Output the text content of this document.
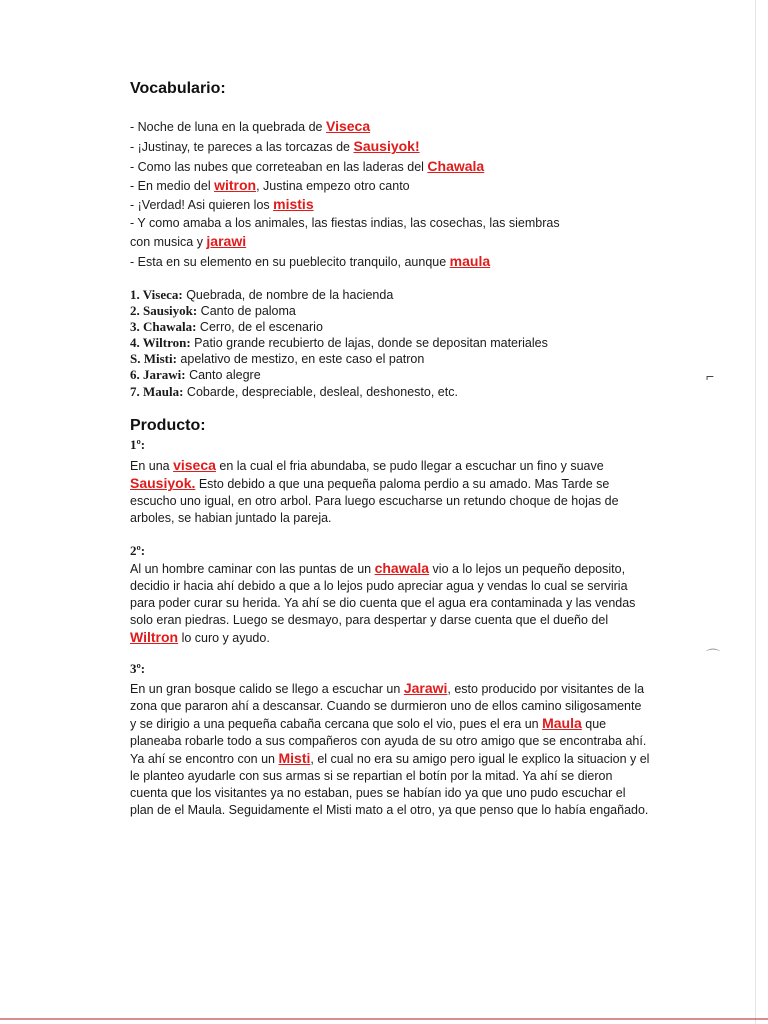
Vocabulario:
- Noche de luna en la quebrada de Viseca
- ¡Justinay, te pareces a las torcazas de Sausiyok!
- Como las nubes que correteaban en las laderas del Chawala
- En medio del witron, Justina empezo otro canto
- ¡Verdad! Asi quieren los mistis
- Y como amaba a los animales, las fiestas indias, las cosechas, las siembras
con musica y jarawi
- Esta en su elemento en su pueblecito tranquilo, aunque maula
1. Viseca: Quebrada, de nombre de la hacienda
2. Sausiyok: Canto de paloma
3. Chawala: Cerro, de el escenario
4. Wiltron: Patio grande recubierto de lajas, donde se depositan materiales
S. Misti: apelativo de mestizo, en este caso el patron
6. Jarawi: Canto alegre
7. Maula: Cobarde, despreciable, desleal, deshonesto, etc.
Producto:
1º:
En una viseca en la cual el fria abundaba, se pudo llegar a escuchar un fino y suave Sausiyok. Esto debido a que una pequeña paloma perdio a su amado. Mas Tarde se escucho uno igual, en otro arbol. Para luego escucharse un retundo choque de hojas de arboles, se habian juntado la pareja.
2º:
Al un hombre caminar con las puntas de un chawala vio a lo lejos un pequeño deposito, decidio ir hacia ahí debido a que a lo lejos pudo apreciar agua y vendas lo cual se serviria para poder curar su herida. Ya ahí se dio cuenta que el agua era contaminada y las vendas solo eran piedras. Luego se desmayo, para despertar y darse cuenta que el dueño del Wiltron lo curo y ayudo.
3º:
En un gran bosque calido se llego a escuchar un Jarawi, esto producido por visitantes de la zona que pararon ahí a descansar. Cuando se durmieron uno de ellos camino siligosamente y se dirigio a una pequeña cabaña cercana que solo el vio, pues el era un Maula que planeaba robarle todo a sus compañeros con ayuda de su otro amigo que se encontraba ahí.
Ya ahí se encontro con un Misti, el cual no era su amigo pero igual le explico la situacion y el le planteo ayudarle con sus armas si se repartian el botín por la mitad. Ya ahí se dieron cuenta que los visitantes ya no estaban, pues se habían ido ya que uno pudo escuchar el plan de el Maula. Seguidamente el Misti mato a el otro, ya que penso que lo había engañado.
⌐
⌒
